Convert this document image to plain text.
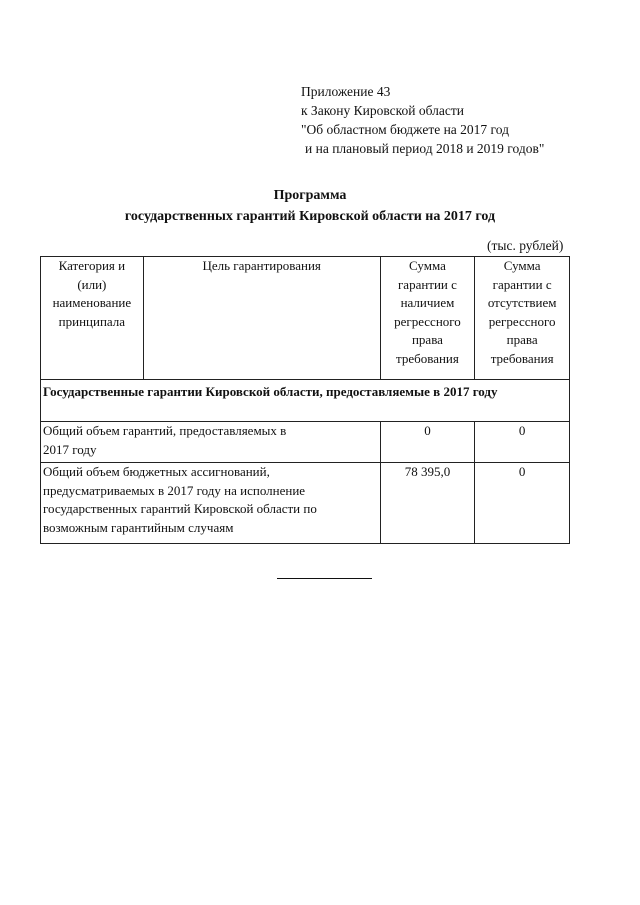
Приложение 43
к Закону Кировской области
"Об областном бюджете на 2017 год
и на плановый период 2018 и 2019 годов"
Программа
государственных гарантий Кировской области на 2017 год
(тыс. рублей)
Категория и (или) наименование принципала	Цель гарантирования	Сумма гарантии с наличием регрессного права требования	Сумма гарантии с отсутствием регрессного права требования
Государственные гарантии Кировской области, предоставляемые в 2017 году			
Общий объем гарантий, предоставляемых в 2017 году		0	0
Общий объем бюджетных ассигнований, предусматриваемых в 2017 году на исполнение государственных гарантий Кировской области по возможным гарантийным случаям		78 395,0	0
